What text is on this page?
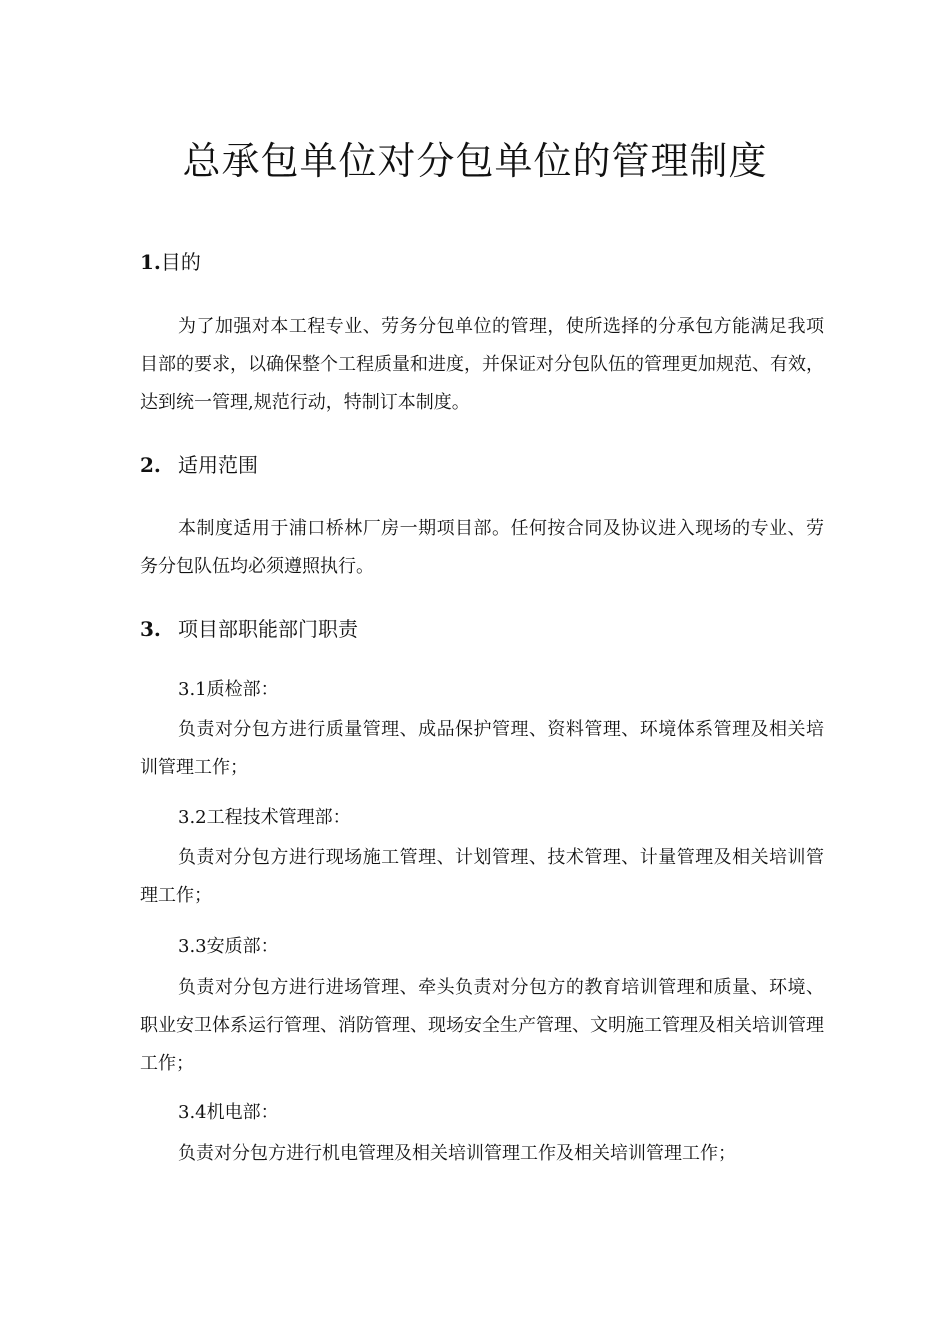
总承包单位对分包单位的管理制度
1.目的

为了加强对本工程专业、劳务分包单位的管理，使所选择的分承包方能满足我项目部的要求，以确保整个工程质量和进度，并保证对分包队伍的管理更加规范、有效，达到统一管理,规范行动，特制订本制度。

2. 适用范围

本制度适用于浦口桥林厂房一期项目部。任何按合同及协议进入现场的专业、劳务分包队伍均必须遵照执行。

3. 项目部职能部门职责

3.1质检部：

负责对分包方进行质量管理、成品保护管理、资料管理、环境体系管理及相关培训管理工作；

3.2工程技术管理部：

负责对分包方进行现场施工管理、计划管理、技术管理、计量管理及相关培训管理工作；

3.3安质部：

负责对分包方进行进场管理、牵头负责对分包方的教育培训管理和质量、环境、职业安卫体系运行管理、消防管理、现场安全生产管理、文明施工管理及相关培训管理工作；

3.4机电部：

负责对分包方进行机电管理及相关培训管理工作及相关培训管理工作；
